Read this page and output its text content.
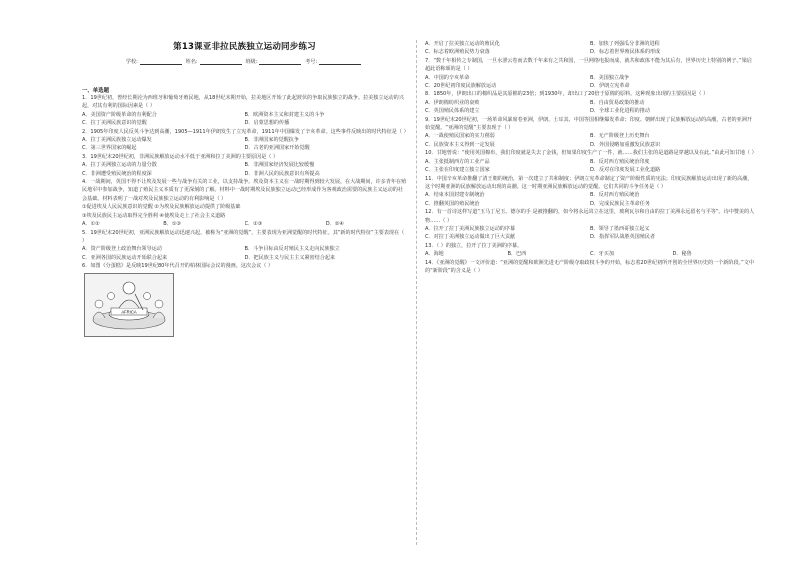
第13课亚非拉民族独立运动同步练习
学校:	姓名:	班级:	考号:
一、单选题
1．19世纪初，曾经长期沦为西班牙和葡萄牙殖民地，从18世纪末期开始，拉美地区开始了此起彼伏的争取民族独立的战争。拉美独立运动的兴起，对其有利的国际因素是（ ）
A．美国资产阶级革命的有利配合	B．欧洲资本主义和封建主义的斗争
C．拉丁美洲民族意识的觉醒	D．启蒙思想的传播
2．1905年印度人民反英斗争达到高潮，1905—1911年伊朗发生了立宪革命，1911年中国爆发了辛亥革命。这些事件反映出的时代特征是（ ）
A．拉丁美洲民族独立运动爆发	B．非洲国家的觉醒抗争
C．第三世界国家的崛起	D．古老的亚洲国家开始觉醒
3．19世纪末20世纪初，非洲民族解放运动水平低于亚洲和拉丁美洲的主要原因是（ ）
A．拉丁美洲独立运动的力量分散	B．非洲国家经济发展比较缓慢
C．非洲遭受殖民统治的程度深	D．非洲人民的民族意识有所提高
4．一战期间，英国不得不让埃及发展一些与战争有关的工业，以支持战争。埃及资本主义在一战时期得到较大发展。在大战期间，许多青年在殖民地军中参加战争，知道了殖民主义本质有了更深刻的了解。材料中一战时期埃及民族独立运动已经形成作为客观政治需要的民族主义运动的社会基础。材料表明了一战对埃及民族独立运动的有利影响是（ ）
①促进埃及人民民族意识的觉醒 ②为埃及民族解放运动提供了阶级基础
③埃及民族民主运动取得完全胜利 ④使埃及走上了社会主义道路
A．①②	B．①③	C．②③	D．②④
5．19世纪末20世纪初，亚洲民族解放运动迅速兴起，被称为“亚洲的觉醒”，主要表现为亚洲觉醒的时代特征。其“新的时代特征”主要表现在（ ）
A．资产阶级登上政治舞台领导运动	B．斗争目标由反对殖民主义走向民族独立
C．亚洲各国的民族运动开始联合起来	D．把民族主义与民主主义紧密结合起来
6．如图《分蛋糕》是反映19世纪80年代召开的柏林国际会议的漫画。这次会议（ ）
AFRICA
A．开启了拉美独立运动的殖民化	B．加快了列强瓜分非洲的进程
C．标志着欧洲殖民势力衰落	D．标志着世界殖民体系的形成
7．“数千年相传之专制国，一旦水泄云卷而去数千年来有之共和国，一旦网络电报而成，就共和政体不能为其后有，世界历史上特别的例子。”梁启超此语称颂的是（ ）
A．中国的辛亥革命	B．美国独立战争
C．20世纪初印度民族解放运动	D．伊朗立宪革命
8．1850年，伊朗出口的棉织品是其原棉的23倍；到1930年，却出口了20倍于原棉的原料。这种现象出现的主要原因是（ ）
A．伊朗棉纺织业的衰败	B．自由贸易政策的推动
C．英国殖民体系的建立	D．全球工业化进程的推动
9．19世纪末20世纪初，一场革命风暴席卷亚洲，伊朗、土耳其、中国等国相继爆发革命；印度、朝鲜出现了民族解放运动的高潮，古老的亚洲开始觉醒。“亚洲的觉醒”主要表现于（ ）
A．一战使殖民国家的实力削弱	B．无产阶级登上历史舞台
C．民族资本主义得到一定发展	D．外国侵略加重激发民族意识
10．甘地曾说：“使用英国棉布，我们印度就是失去了金钱，但如果印度生产了一件，就……我们主张的是道路是穿越以及在此。”由此可知甘地（ ）
A．主张抵制西方的工业产品	B．反对西方殖民统治印度
C．主张在印度建立独立国家	D．反对在印度发展工业化道路
11．中国辛亥革命推翻了清王朝的统治，第一次建立了共和制度；伊朗立宪革命制定了资产阶级性质的宪法；印度民族解放运动出现了新的高潮，这个时期亚洲的民族解放运动出现的高潮。这一时期亚洲民族解放运动的觉醒。它们共同的斗争任务是（ ）
A．结束本国封建专制统治	B．反对西方殖民统治
C．推翻英国的殖民统治	D．完成民族民主革命任务
12．有一首诗这样写道“玉马丁尼玉、德尔的手 是被推翻的，如今将永远耸立在这里，玻利瓦尔和自由的拉丁美洲永远留名与平等”。诗中赞美的人物……（ ）
A．拉开了拉丁美洲民族独立运动的序幕	B．领导了墨西哥独立起义
C．对拉丁美洲独立运动做出了巨大贡献	D．指挥军队战胜英国殖民者
13．（ ）的独立，拉开了拉丁美洲的序幕。
A．海地	B．巴西	C．牙买加	D．秘鲁
14．《亚洲的觉醒》一文评价道：“亚洲的觉醒和欧洲先进无产阶级夺取政权斗争的开始，标志着20世纪初所开创的全世界历史的一个新阶段。”文中的“新阶段”的含义是（ ）
